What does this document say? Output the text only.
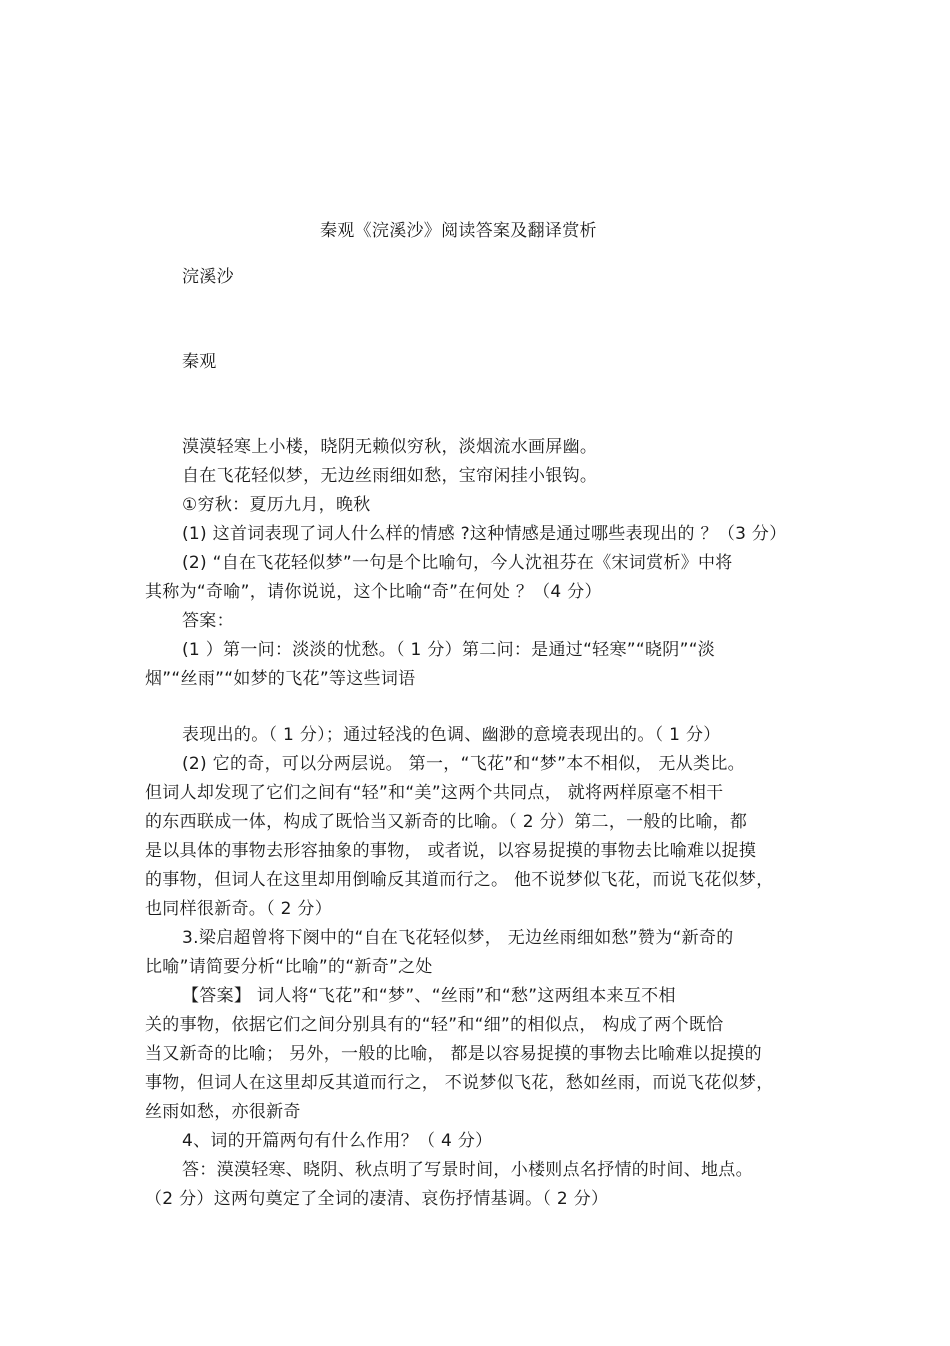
秦观《浣溪沙》阅读答案及翻译赏析
浣溪沙
秦观
漠漠轻寒上小楼，晓阴无赖似穷秋，淡烟流水画屏幽。
自在飞花轻似梦，无边丝雨细如愁，宝帘闲挂小银钩。
①穷秋：夏历九月，晚秋
(1) 这首词表现了词人什么样的情感 ?这种情感是通过哪些表现出的 ？（3 分）
(2) “自在飞花轻似梦”一句是个比喻句，今人沈祖芬在《宋词赏析》中将
其称为“奇喻”，请你说说，这个比喻“奇”在何处 ？（4 分）
答案：
(1 ）第一问：淡淡的忧愁。（ 1 分）第二问：是通过“轻寒”“晓阴”“淡
烟”“丝雨”“如梦的飞花”等这些词语
表现出的。（ 1 分）；通过轻浅的色调、幽渺的意境表现出的。（ 1 分）
(2) 它的奇，可以分两层说。 第一，“飞花”和“梦”本不相似， 无从类比。
但词人却发现了它们之间有“轻”和“美”这两个共同点， 就将两样原毫不相干
的东西联成一体，构成了既恰当又新奇的比喻。（ 2 分）第二，一般的比喻，都
是以具体的事物去形容抽象的事物， 或者说，以容易捉摸的事物去比喻难以捉摸
的事物，但词人在这里却用倒喻反其道而行之。 他不说梦似飞花，而说飞花似梦，
也同样很新奇。（ 2 分）
3.梁启超曾将下阕中的“自在飞花轻似梦， 无边丝雨细如愁”赞为“新奇的
比喻”请简要分析“比喻”的“新奇”之处
【答案】 词人将“飞花”和“梦”、“丝雨”和“愁”这两组本来互不相
关的事物，依据它们之间分别具有的“轻”和“细”的相似点， 构成了两个既恰
当又新奇的比喻； 另外，一般的比喻， 都是以容易捉摸的事物去比喻难以捉摸的
事物，但词人在这里却反其道而行之， 不说梦似飞花，愁如丝雨，而说飞花似梦，
丝雨如愁，亦很新奇
4、词的开篇两句有什么作用？（ 4 分）
答：漠漠轻寒、晓阴、秋点明了写景时间，小楼则点名抒情的时间、地点。
（2 分）这两句奠定了全词的凄清、哀伤抒情基调。（ 2 分）
